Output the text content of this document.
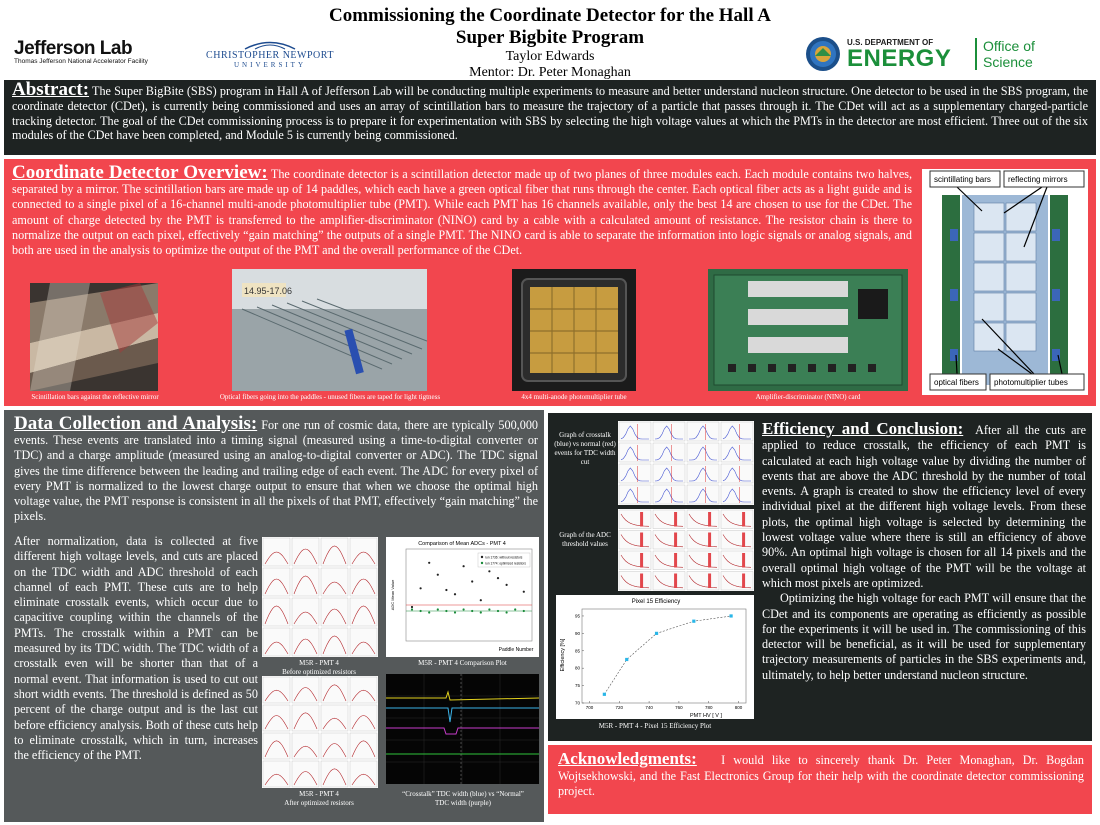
Commissioning the Coordinate Detector for the Hall A
Super Bigbite Program
Taylor Edwards
Mentor: Dr. Peter Monaghan
Jefferson Lab
Thomas Jefferson National Accelerator Facility
CHRISTOPHER NEWPORT
UNIVERSITY
U.S. DEPARTMENT OF
ENERGY Office of
Science
Abstract: The Super BigBite (SBS) program in Hall A of Jefferson Lab will be conducting multiple experiments to measure and better understand nucleon structure. One detector to be used in the SBS program, the coordinate detector (CDet), is currently being commissioned and uses an array of scintillation bars to measure the trajectory of a particle that passes through it. The CDet will act as a supplementary charged-particle tracking detector. The goal of the CDet commissioning process is to prepare it for experimentation with SBS by selecting the high voltage values at which the PMTs in the detector are most efficient. Three out of the six modules of the CDet have been completed, and Module 5 is currently being commissioned.
Coordinate Detector Overview: The coordinate detector is a scintillation detector made up of two planes of three modules each. Each module contains two halves, separated by a mirror. The scintillation bars are made up of 14 paddles, which each have a green optical fiber that runs through the center. Each optical fiber acts as a light guide and is connected to a single pixel of a 16-channel multi-anode photomultiplier tube (PMT). While each PMT has 16 channels available, only the best 14 are chosen to use for the CDet. The amount of charge detected by the PMT is transferred to the amplifier-discriminator (NINO) card by a cable with a calculated amount of resistance. The resistor chain is there to normalize the output on each pixel, effectively “gain matching” the outputs of a single PMT. The NINO card is able to separate the information into logic signals or analog signals, and both are used in the analysis to optimize the output of the PMT and the overall performance of the CDet.
Scintillation bars against the reflective mirror
14.95-17.06
Optical fibers going into the paddles - unused fibers are taped for light tigtness	4x4 multi-anode photomultiplier tube	Amplifier-discriminator (NINO) card
scintillating bars reflecting mirrors
optical fibers photomultiplier tubes
Data Collection and Analysis: For one run of cosmic data, there are typically 500,000 events. These events are translated into a timing signal (measured using a time-to-digital converter or TDC) and a charge amplitude (measured using an analog-to-digital converter or ADC). The TDC signal gives the time difference between the leading and trailing edge of each event. The ADC for every pixel of every PMT is normalized to the lowest charge output to ensure that when we choose the optimal high voltage value, the PMT response is consistent in all the pixels of that PMT, effectively “gain matching” the pixels.
After normalization, data is collected at five different high voltage levels, and cuts are placed on the TDC width and ADC threshold of each channel of each PMT. These cuts are to help eliminate crosstalk events, which occur due to capacitive coupling within the channels of the PMTs. The crosstalk within a PMT can be measured by its TDC width. The TDC width of a crosstalk even will be shorter than that of a normal event. That information is used to cut out short width events. The threshold is defined as 50 percent of the charge output and is the last cut before efficiency analysis. Both of these cuts help to eliminate crosstalk, which in turn, increases the efficiency of the PMT.
M5R - PMT 4
Before optimized resistors
Comparison of Mean ADCs - PMT 4
run 1736: without resistors
run 1774: optimized resistors
Paddle Number
ADC Mean Value
M5R - PMT 4 Comparison Plot
M5R - PMT 4
After optimized resistors
“Crosstalk” TDC width (blue) vs “Normal”
TDC width (purple)
Graph of crosstalk (blue) vs normal (red) events for TDC width cut
Graph of the ADC threshold values
Pixel 15 Efficiency
PMT HV [ V ]
Efficiency [%]
700	720	740	760	780	800
70
75
80
85
90
95
M5R - PMT 4 - Pixel 15 Efficiency Plot
Efficiency and Conclusion: After all the cuts are applied to reduce crosstalk, the efficiency of each PMT is calculated at each high voltage value by dividing the number of events that are above the ADC threshold by the number of total events. A graph is created to show the efficiency level of every individual pixel at the different high voltage levels. From these plots, the optimal high voltage is selected by determining the lowest voltage value where there is still an efficiency of above 90%. An optimal high voltage is chosen for all 14 pixels and the overall optimal high voltage of the PMT will be the voltage at which most pixels are optimized.
Optimizing the high voltage for each PMT will ensure that the CDet and its components are operating as efficiently as possible for the experiments it will be used in. The commissioning of this detector will be beneficial, as it will be used for supplementary trajectory measurements of particles in the SBS experiments and, ultimately, to help better understand nucleon structure.
Acknowledgments: I would like to sincerely thank Dr. Peter Monaghan, Dr. Bogdan Wojtsekhowski, and the Fast Electronics Group for their help with the coordinate detector commissioning project.
